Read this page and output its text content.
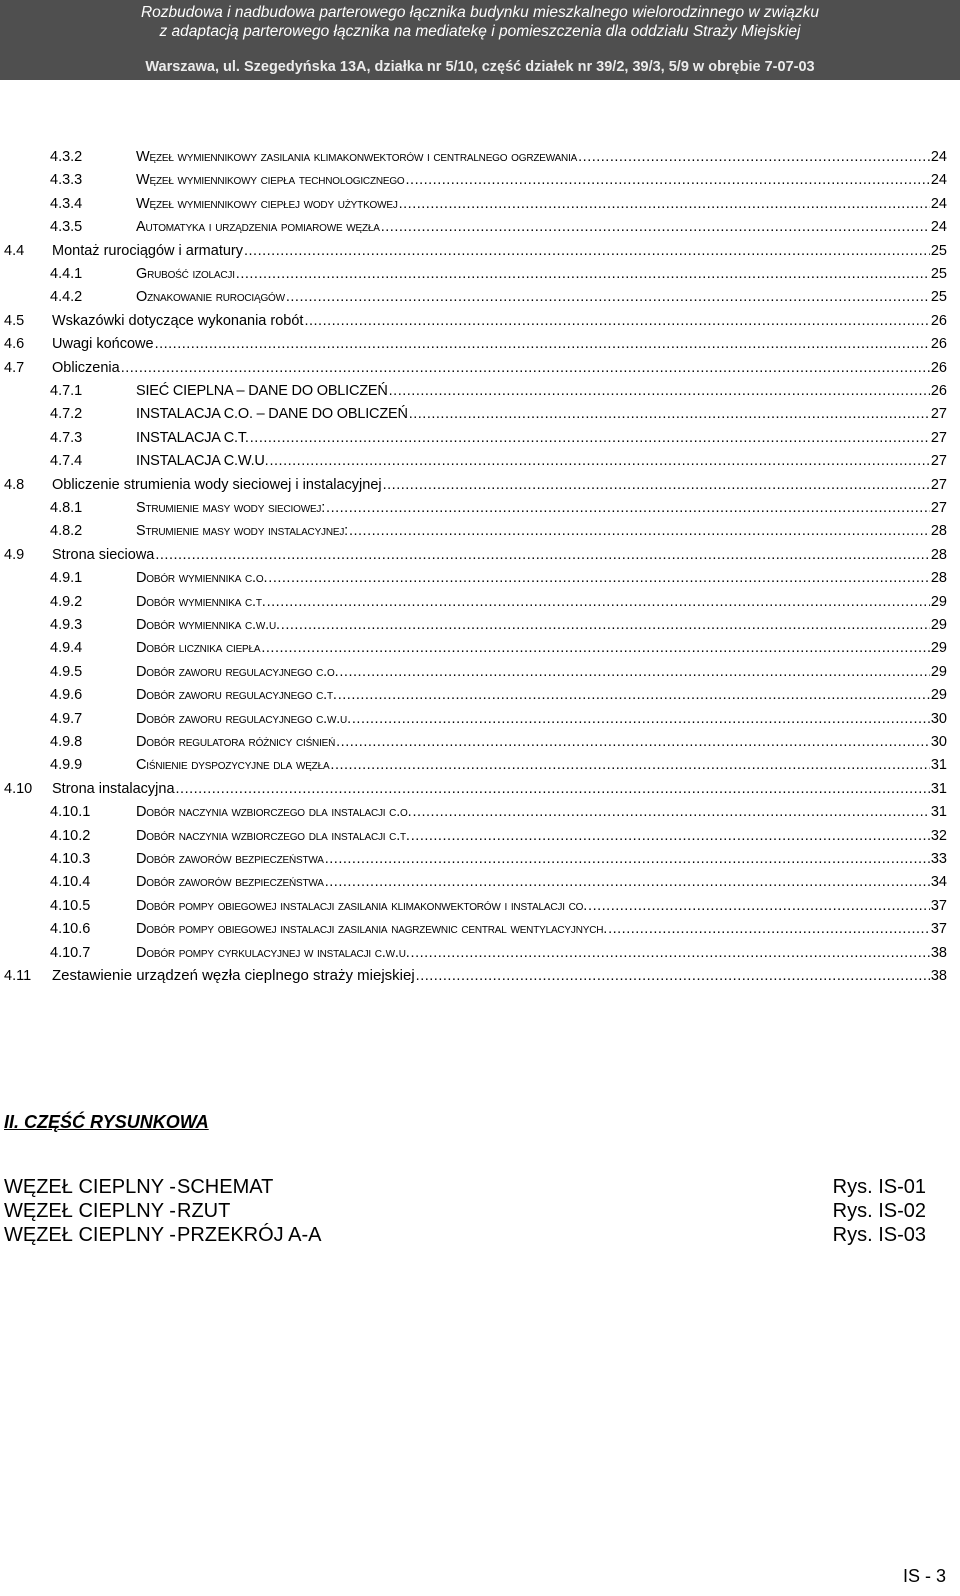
Rozbudowa i nadbudowa parterowego łącznika budynku mieszkalnego wielorodzinnego w związku
z adaptacją parterowego łącznika na mediatekę i pomieszczenia dla oddziału Straży Miejskiej
Warszawa, ul. Szegedyńska 13A, działka nr 5/10, część działek nr 39/2, 39/3, 5/9 w obrębie 7-07-03
4.3.2	Węzeł wymiennikowy zasilania klimakonwektorów i centralnego ogrzewania .....	24
4.3.3	Węzeł wymiennikowy ciepła technologicznego .....	24
4.3.4	Węzeł wymiennikowy ciepłej wody użytkowej .....	24
4.3.5	Automatyka i urządzenia pomiarowe węzła .....	24
4.4 Montaż rurociągów i armatury .....	25
4.4.1	Grubość izolacji .....	25
4.4.2	Oznakowanie rurociągów .....	25
4.5 Wskazówki dotyczące wykonania robót .....	26
4.6 Uwagi końcowe .....	26
4.7 Obliczenia .....	26
4.7.1	SIEĆ CIEPLNA – DANE DO OBLICZEŃ .....	26
4.7.2	INSTALACJA C.O. – DANE DO OBLICZEŃ .....	27
4.7.3	INSTALACJA C.T. .....	27
4.7.4	INSTALACJA C.W.U. .....	27
4.8 Obliczenie strumienia wody sieciowej i instalacyjnej .....	27
4.8.1	Strumienie masy wody sieciowej: .....	27
4.8.2	Strumienie masy wody instalacyjnej: .....	28
4.9 Strona sieciowa .....	28
4.9.1	Dobór wymiennika c.o. .....	28
4.9.2	Dobór wymiennika c.t. .....	29
4.9.3	Dobór wymiennika c.w.u. .....	29
4.9.4	Dobór licznika ciepła .....	29
4.9.5	Dobór zaworu regulacyjnego c.o. .....	29
4.9.6	Dobór zaworu regulacyjnego c.t. .....	29
4.9.7	Dobór zaworu regulacyjnego c.w.u. .....	30
4.9.8	Dobór regulatora różnicy ciśnień .....	30
4.9.9	Ciśnienie dyspozycyjne dla węzła .....	31
4.10 Strona instalacyjna .....	31
4.10.1	Dobór naczynia wzbiorczego dla instalacji c.o. .....	31
4.10.2	Dobór naczynia wzbiorczego dla instalacji c.t. .....	32
4.10.3	Dobór zaworów bezpieczeństwa .....	33
4.10.4	Dobór zaworów bezpieczeństwa .....	34
4.10.5	Dobór pompy obiegowej instalacji zasilania klimakonwektorów i instalacji co. .....	37
4.10.6	Dobór pompy obiegowej instalacji zasilania nagrzewnic central wentylacyjnych. .....	37
4.10.7	Dobór pompy cyrkulacyjnej w instalacji c.w.u. .....	38
4.11 Zestawienie urządzeń węzła cieplnego straży miejskiej .....	38
II. CZĘŚĆ RYSUNKOWA
WĘZEŁ CIEPLNY - SCHEMAT	Rys. IS-01
WĘZEŁ CIEPLNY - RZUT	Rys. IS-02
WĘZEŁ CIEPLNY - PRZEKRÓJ A-A	Rys. IS-03
IS - 3
